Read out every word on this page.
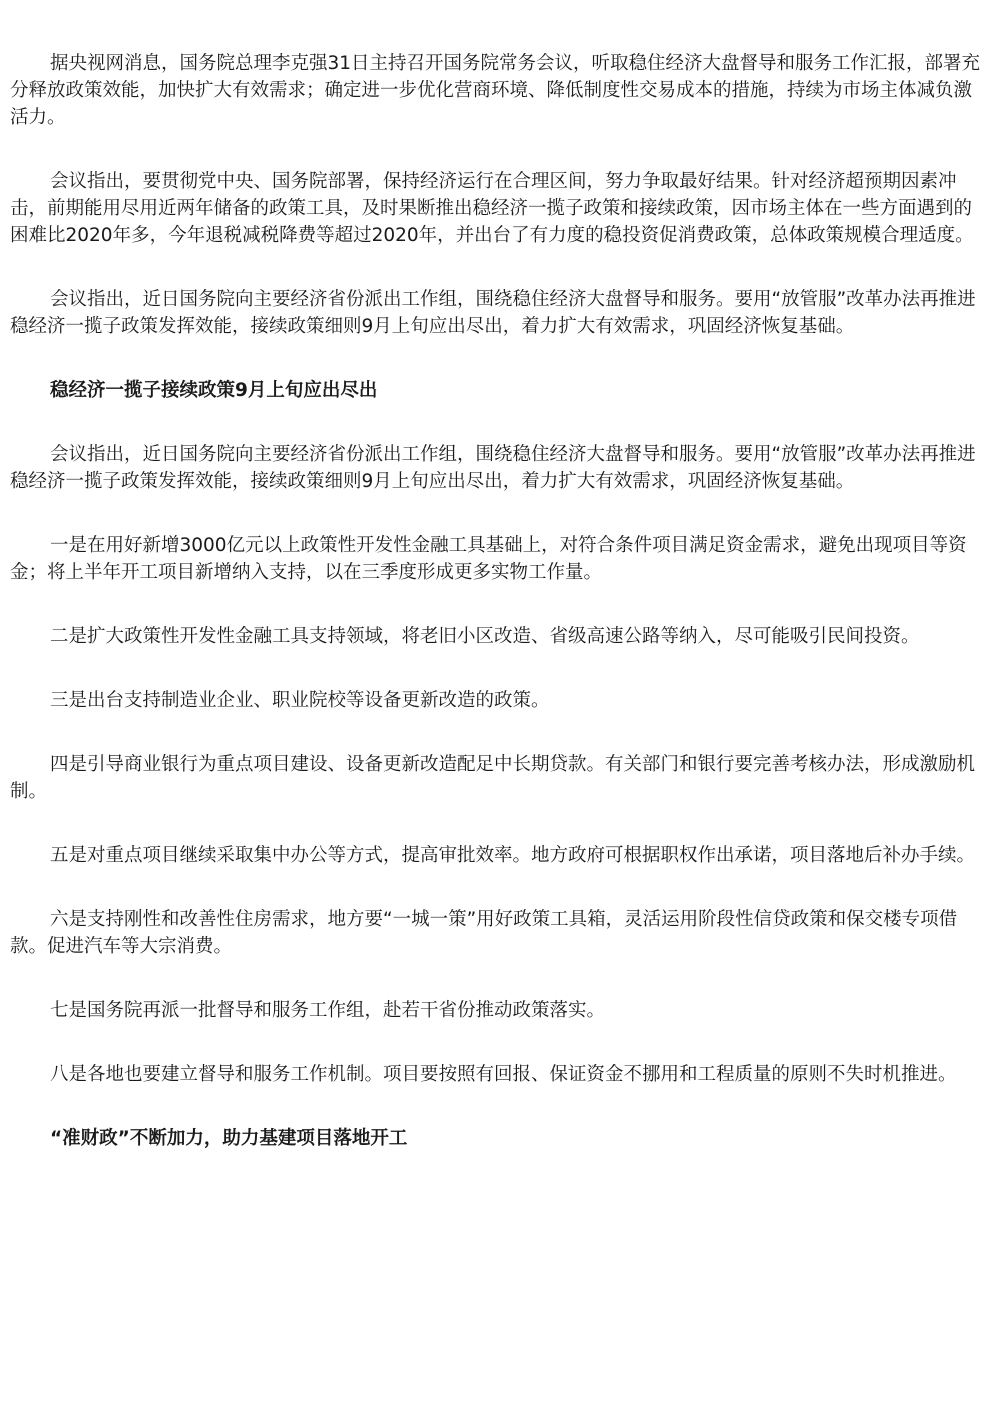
据央视网消息，国务院总理李克强31日主持召开国务院常务会议，听取稳住经济大盘督导和服务工作汇报，部署充分释放政策效能，加快扩大有效需求；确定进一步优化营商环境、降低制度性交易成本的措施，持续为市场主体减负激活力。

会议指出，要贯彻党中央、国务院部署，保持经济运行在合理区间，努力争取最好结果。针对经济超预期因素冲击，前期能用尽用近两年储备的政策工具，及时果断推出稳经济一揽子政策和接续政策，因市场主体在一些方面遇到的困难比2020年多，今年退税减税降费等超过2020年，并出台了有力度的稳投资促消费政策，总体政策规模合理适度。

会议指出，近日国务院向主要经济省份派出工作组，围绕稳住经济大盘督导和服务。要用“放管服”改革办法再推进稳经济一揽子政策发挥效能，接续政策细则9月上旬应出尽出，着力扩大有效需求，巩固经济恢复基础。

稳经济一揽子接续政策9月上旬应出尽出

会议指出，近日国务院向主要经济省份派出工作组，围绕稳住经济大盘督导和服务。要用“放管服”改革办法再推进稳经济一揽子政策发挥效能，接续政策细则9月上旬应出尽出，着力扩大有效需求，巩固经济恢复基础。

一是在用好新增3000亿元以上政策性开发性金融工具基础上，对符合条件项目满足资金需求，避免出现项目等资金；将上半年开工项目新增纳入支持，以在三季度形成更多实物工作量。

二是扩大政策性开发性金融工具支持领域，将老旧小区改造、省级高速公路等纳入，尽可能吸引民间投资。

三是出台支持制造业企业、职业院校等设备更新改造的政策。

四是引导商业银行为重点项目建设、设备更新改造配足中长期贷款。有关部门和银行要完善考核办法，形成激励机制。

五是对重点项目继续采取集中办公等方式，提高审批效率。地方政府可根据职权作出承诺，项目落地后补办手续。

六是支持刚性和改善性住房需求，地方要“一城一策”用好政策工具箱，灵活运用阶段性信贷政策和保交楼专项借款。促进汽车等大宗消费。

七是国务院再派一批督导和服务工作组，赴若干省份推动政策落实。

八是各地也要建立督导和服务工作机制。项目要按照有回报、保证资金不挪用和工程质量的原则不失时机推进。

“准财政”不断加力，助力基建项目落地开工
